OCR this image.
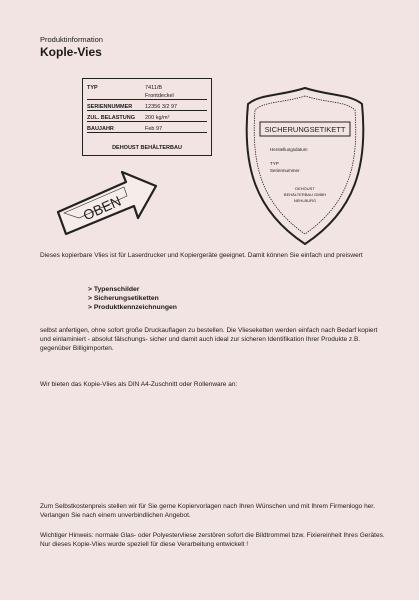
Produktinformation

Kople-Vies

TYP	7411/B
Frontdeckel
SERIENNUMMER	12356 3/2 97
ZUL. BELASTUNG	200 kg/m²
BAUJAHR	Feb 97
DEHOUST BEHÄLTERBAU
OBEN
SICHERUNGSETIKETT
Herstellungsdatum
TYP
Seriennummer
DEHOUST
BEHÄLTERBAU GMBH
NEHLBURG

Dieses kopierbare Vlies ist für Laserdrucker und Kopiergeräte geeignet. Damit können Sie einfach und preiswert

> Typenschilder
> Sicherungsetiketten
> Produktkennzeichnungen

selbst anfertigen, ohne sofort große Druckauflagen zu bestellen. Die Vlieseketten werden einfach nach Bedarf kopiert und einlaminiert - absolut fälschungs- sicher und damit auch ideal zur sicheren Identifikation Ihrer Produkte z.B. gegenüber Billigimporten.

Wir bieten das Kopie-Vlies als DIN A4-Zuschnitt oder Rollenware an:

Zum Selbstkostenpreis stellen wir für Sie gerne Kopiervorlagen nach Ihren Wünschen und mit Ihrem Firmenlogo her. Verlangen Sie nach einem unverbindlichen Angebot.

Wichtiger Hinweis: normale Glas- oder Polyestervliese zerstören sofort die Bildtrommel bzw. Fixiereinheit Ihres Gerätes. Nur dieses Kopie-Vlies wurde speziell für diese Verarbeitung entwickelt !
